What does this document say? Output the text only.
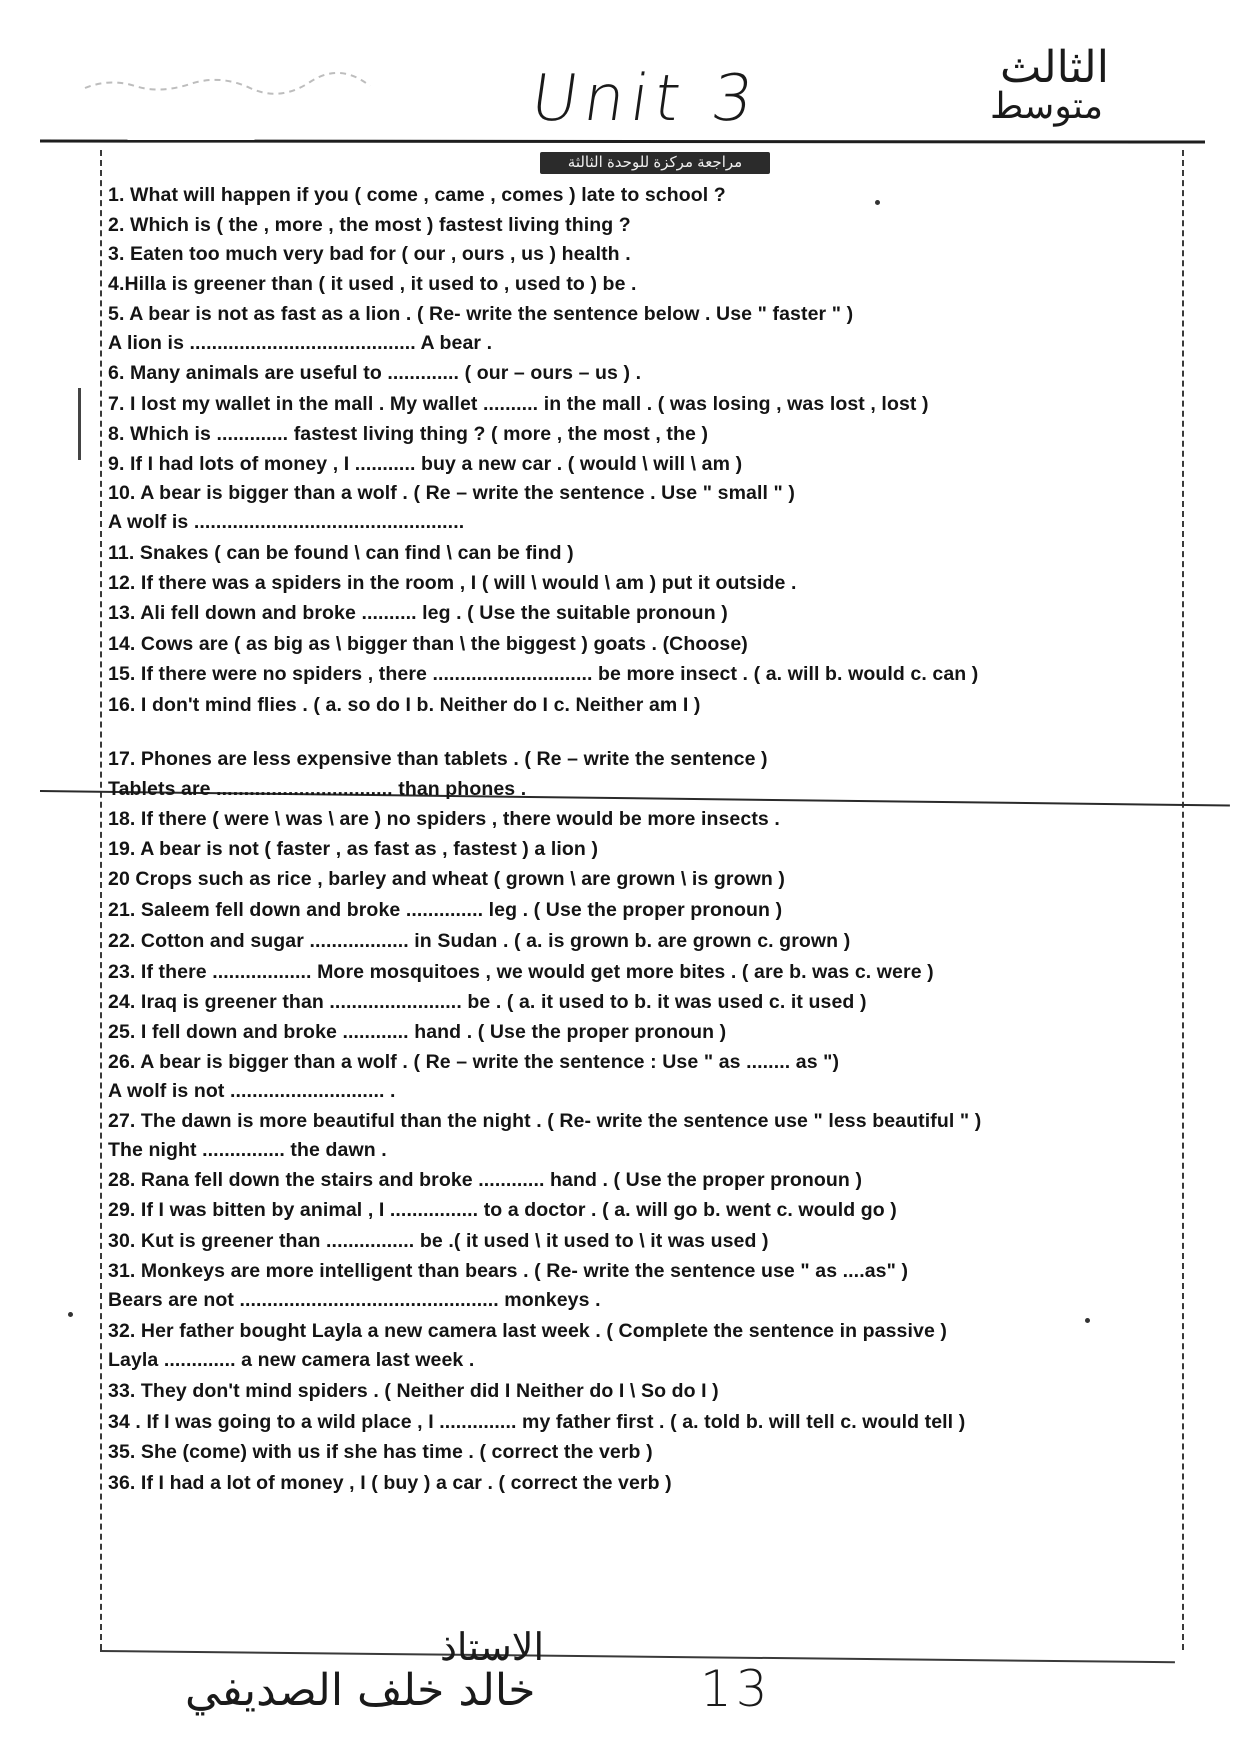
Unit 3	الثالث
متوسط
مراجعة مركزة للوحدة الثالثة
1. What will happen if you ( come , came , comes ) late to school ?
2. Which is ( the , more , the most ) fastest living thing ?
3. Eaten too much very bad for ( our , ours , us ) health .
4.Hilla is greener than ( it used , it used to , used to ) be .
5. A bear is not as fast as a lion . ( Re- write the sentence below . Use " faster " )
A lion is ......................................... A bear .
6. Many animals are useful to ............. ( our – ours – us ) .
7. I lost my wallet in the mall . My wallet .......... in the mall . ( was losing , was lost , lost )
8. Which is ............. fastest living thing ? ( more , the most , the )
9. If I had lots of money , I ........... buy a new car . ( would \ will \ am )
10. A bear is bigger than a wolf . ( Re – write the sentence . Use " small " )
A wolf is .................................................
11. Snakes ( can be found \ can find \ can be find )
12. If there was a spiders in the room , I ( will \ would \ am ) put it outside .
13. Ali fell down and broke .......... leg . ( Use the suitable pronoun )
14. Cows are ( as big as \ bigger than \ the biggest ) goats . (Choose)
15. If there were no spiders , there ............................. be more insect . ( a. will b. would c. can )
16. I don't mind flies . ( a. so do I b. Neither do I c. Neither am I )
17. Phones are less expensive than tablets . ( Re – write the sentence )
Tablets are ................................ than phones .
18. If there ( were \ was \ are ) no spiders , there would be more insects .
19. A bear is not ( faster , as fast as , fastest ) a lion )
20 Crops such as rice , barley and wheat ( grown \ are grown \ is grown )
21. Saleem fell down and broke .............. leg . ( Use the proper pronoun )
22. Cotton and sugar .................. in Sudan . ( a. is grown b. are grown c. grown )
23. If there .................. More mosquitoes , we would get more bites . ( are b. was c. were )
24. Iraq is greener than ........................ be . ( a. it used to b. it was used c. it used )
25. I fell down and broke ............ hand . ( Use the proper pronoun )
26. A bear is bigger than a wolf . ( Re – write the sentence : Use " as ........ as ")
A wolf is not ............................ .
27. The dawn is more beautiful than the night . ( Re- write the sentence use " less beautiful " )
The night ............... the dawn .
28. Rana fell down the stairs and broke ............ hand . ( Use the proper pronoun )
29. If I was bitten by animal , I ................ to a doctor . ( a. will go b. went c. would go )
30. Kut is greener than ................ be .( it used \ it used to \ it was used )
31. Monkeys are more intelligent than bears . ( Re- write the sentence use " as ....as" )
Bears are not ............................................... monkeys .
32. Her father bought Layla a new camera last week . ( Complete the sentence in passive )
Layla ............. a new camera last week .
33. They don't mind spiders . ( Neither did I Neither do I \ So do I )
34 . If I was going to a wild place , I .............. my father first . ( a. told b. will tell c. would tell )
35. She (come) with us if she has time . ( correct the verb )
36. If I had a lot of money , I ( buy ) a car . ( correct the verb )
الاستاذ
خالد خلف الصديفي	13
